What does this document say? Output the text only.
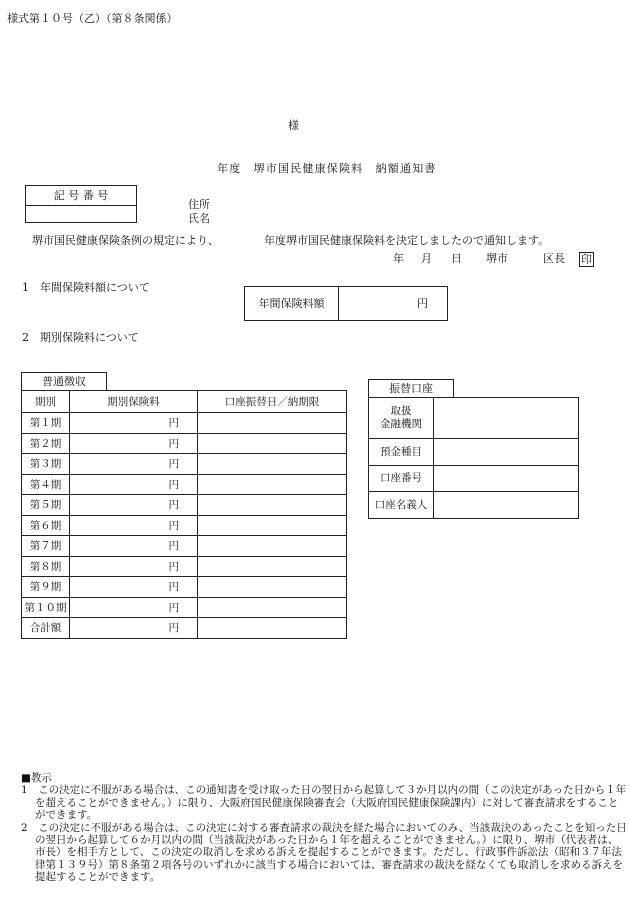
様式第１０号（乙）（第８条関係）
様
年度　堺市国民健康保険料　納額通知書
記 号 番 号
住所
氏名
堺市国民健康保険条例の規定により、	年度堺市国民健康保険料を決定しましたので通知します。
年 月 日 堺市	区長 印
1　年間保険料額について
年間保険料額	円
2　期別保険料について
普通徴収
期別	期別保険料	口座振替日／納期限
第１期	円	
第２期	円	
第３期	円	
第４期	円	
第５期	円	
第６期	円	
第７期	円	
第８期	円	
第９期	円	
第１０期	円	
合計額	円	
振替口座
取扱
金融機関	
預金種目	
口座番号	
口座名義人	
■教示
1　この決定に不服がある場合は、この通知書を受け取った日の翌日から起算して３か月以内の間（この決定があった日から１年を超えることができません。）に限り、大阪府国民健康保険審査会（大阪府国民健康保険課内）に対して審査請求をすることができます。
2　この決定に不服がある場合は、この決定に対する審査請求の裁決を経た場合においてのみ、当該裁決のあったことを知った日の翌日から起算して６か月以内の間（当該裁決があった日から１年を超えることができません。）に限り、堺市（代表者は、市長）を相手方として、この決定の取消しを求める訴えを提起することができます。ただし、行政事件訴訟法（昭和３７年法律第１３９号）第８条第２項各号のいずれかに該当する場合においては、審査請求の裁決を経なくても取消しを求める訴えを提起することができます。
